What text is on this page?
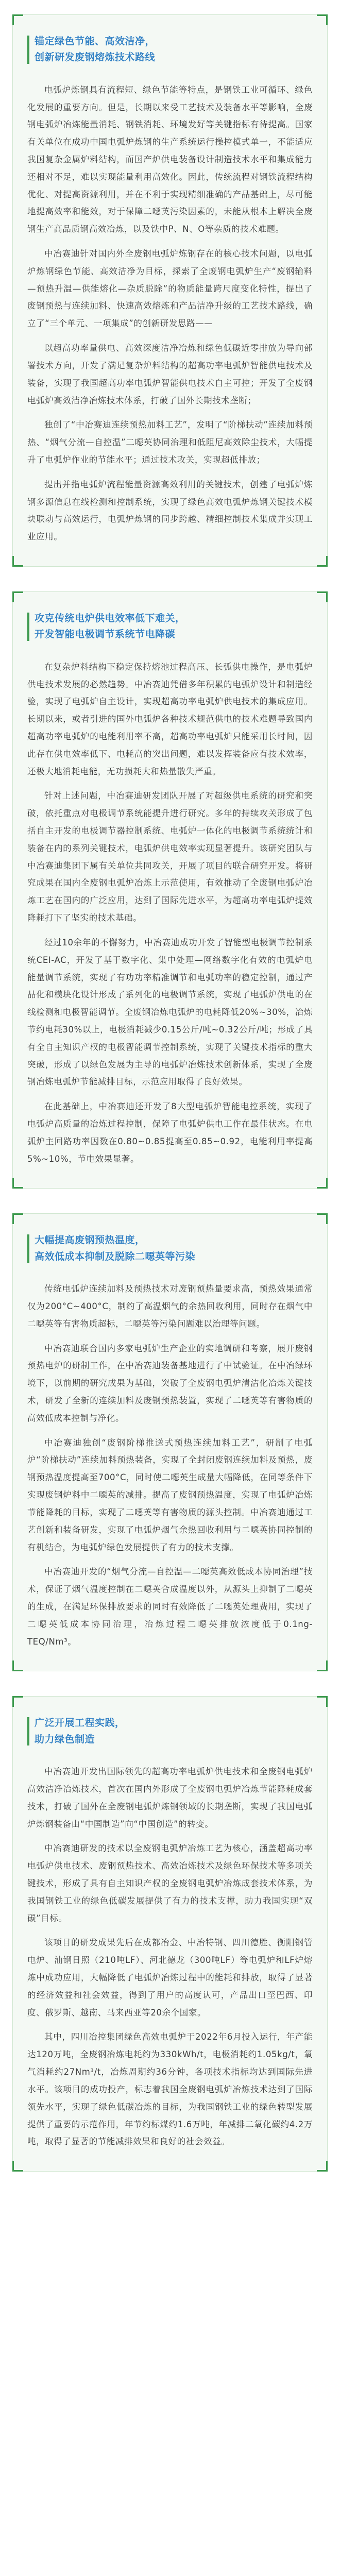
锚定绿色节能、高效洁净，
创新研发废钢熔炼技术路线

电弧炉炼钢具有流程短、绿色节能等特点，是钢铁工业可循环、绿色化发展的重要方向。但是，长期以来受工艺技术及装备水平等影响，全废钢电弧炉冶炼能量消耗、钢铁消耗、环境发好等关键指标有待提高。国家有关单位在成功中国电弧炉炼钢的生产系统运行操控模式单一，不能适应我国复杂金属炉料结构，而国产炉供电装备设计制造技术水平和集成能力还相对不足，难以实现能量利用高效化。因此，传统流程对钢铁流程结构优化、对提高资源利用，并在不利于实现精细准确的产品基础上，尽可能地提高效率和能效，对于保障二噁英污染因素的，未能从根本上解决全废钢生产高品质钢高效冶炼，以及铁中P、N、O等杂质的技术难题。

中冶赛迪针对国内外全废钢电弧炉炼钢存在的核心技术问题，以电弧炉炼钢绿色节能、高效洁净为目标，探索了全废钢电弧炉生产“废钢输料—预热升温—供能熔化—杂质脱除”的物质能量跨尺度变化特性，提出了废钢预热与连续加料、快速高效熔炼和产品洁净升级的工艺技术路线，确立了“三个单元、一项集成”的创新研发思路——

以超高功率量供电、高效深度洁净冶炼和绿色低碳近零排放为导向部署技术方向，开发了满足复杂炉料结构的超高功率电弧炉智能供电技术及装备，实现了我国超高功率电弧炉智能供电技术自主可控；开发了全废钢电弧炉高效洁净冶炼技术体系，打破了国外长期技术垄断；

独创了“中冶赛迪连续预热加料工艺”，发明了“阶梯扶动”连续加料预热、“烟气分流—自控温”二噁英协同治理和低阻尼高效除尘技术，大幅提升了电弧炉作业的节能水平；通过技术攻关，实现超低排放；

提出并指电弧炉流程能量资源高效利用的关键技术，创建了电弧炉炼钢多源信息在线检测和控制系统，实现了绿色高效电弧炉炼钢关键技术模块联动与高效运行，电弧炉炼钢的同步跨越、精细控制技术集成并实现工业应用。

攻克传统电炉供电效率低下难关，
开发智能电极调节系统节电降碳

在复杂炉料结构下稳定保持熔池过程高压、长弧供电操作，是电弧炉供电技术发展的必然趋势。中冶赛迪凭借多年积累的电弧炉设计和制造经验，实现了电弧炉自主设计，实现超高功率电弧炉供电技术的集成应用。长期以来，或者引进的国外电弧炉各种技术规范供电的技术难题导致国内超高功率电弧炉的电能利用率不高，超高功率电弧炉只能采用长时间，因此存在供电效率低下、电耗高的突出问题，难以发挥装备应有技术效率，还极大地消耗电能，无功损耗大和热量散失严重。

针对上述问题，中冶赛迪研发团队开展了对超级供电系统的研究和突破，依托重点对电极调节系统能提升进行研究。多年的持续攻关形成了包括自主开发的电极调节器控制系统、电弧炉一体化的电极调节系统统计和装备在内的系列关键技术，电弧炉供电效率实现显著提升。该研究团队与中冶赛迪集团下属有关单位共同攻关，开展了项目的联合研究开发。将研究成果在国内全废钢电弧炉冶炼上示范使用，有效推动了全废钢电弧炉冶炼工艺在国内的广泛应用，达到了国际先进水平，为超高功率电弧炉提效降耗打下了坚实的技术基础。

经过10余年的不懈努力，中冶赛迪成功开发了智能型电极调节控制系统CEI-AC，开发了基于数字化、集中处理—网络数字化有效的电弧炉电能量调节系统，实现了有功功率精准调节和电弧功率的稳定控制，通过产品化和模块化设计形成了系列化的电极调节系统，实现了电弧炉供电的在线检测和电极智能调节。全废钢冶炼电弧炉的电耗降低20%~30%，冶炼节约电耗30%以上，电极消耗减少0.15公斤/吨~0.32公斤/吨；形成了具有全自主知识产权的电极智能调节控制系统，实现了关键技术指标的重大突破，形成了以绿色发展为主导的电弧炉冶炼技术创新体系，实现了全废钢冶炼电弧炉节能减排目标，示范应用取得了良好效果。

在此基础上，中冶赛迪还开发了8大型电弧炉智能电控系统，实现了电弧炉高质量的冶炼过程控制，保障了电弧炉供电工作在最佳状态。在电弧炉主回路功率因数在0.80~0.85提高至0.85~0.92，电能利用率提高5%~10%，节电效果显著。

大幅提高废钢预热温度，
高效低成本抑制及脱除二噁英等污染

传统电弧炉连续加料及预热技术对废钢预热量要求高，预热效果通常仅为200°C~400°C，制约了高温烟气的余热回收利用，同时存在烟气中二噁英等有害物质超标，二噁英等污染问题难以治理等问题。

中冶赛迪联合国内多家电弧炉生产企业的实地调研和考察，展开废钢预热电炉的研制工作，在中冶赛迪装备基地进行了中试验证。在中冶绿环境下，以前期的研究成果为基础，突破了全废钢电弧炉清洁化冶炼关键技术，研发了全新的连续加料及废钢预热装置，实现了二噁英等有害物质的高效低成本控制与净化。

中冶赛迪独创“废钢阶梯推送式预热连续加料工艺”，研制了电弧炉“阶梯扶动”连续加料预热装备，实现了全封闭废钢连续加料及预热，废钢预热温度提高至700°C，同时使二噁英生成量大幅降低，在同等条件下实现废钢炉料中二噁英的减排。提高了废钢预热温度，实现了电弧炉冶炼节能降耗的目标，实现了二噁英等有害物质的源头控制。中冶赛迪通过工艺创新和装备研发，实现了电弧炉烟气余热回收利用与二噁英协同控制的有机结合，为电弧炉绿色发展提供了有力的技术支撑。

中冶赛迪开发的“烟气分流—自控温—二噁英高效低成本协同治理”技术，保证了烟气温度控制在二噁英合成温度以外，从源头上抑制了二噁英的生成，在满足环保排放要求的同时有效降低了二噁英处理费用，实现了二噁英低成本协同治理，冶炼过程二噁英排放浓度低于0.1ng-TEQ/Nm³。

广泛开展工程实践，
助力绿色制造

中冶赛迪开发出国际领先的超高功率电弧炉供电技术和全废钢电弧炉高效洁净冶炼技术，首次在国内外形成了全废钢电弧炉冶炼节能降耗成套技术，打破了国外在全废钢电弧炉炼钢领域的长期垄断，实现了我国电弧炉炼钢装备由“中国制造”向“中国创造”的转变。

中冶赛迪研发的技术以全废钢电弧炉冶炼工艺为核心，涵盖超高功率电弧炉供电技术、废钢预热技术、高效冶炼技术及绿色环保技术等多项关键技术，形成了具有自主知识产权的全废钢电弧炉冶炼成套技术体系，为我国钢铁工业的绿色低碳发展提供了有力的技术支撑，助力我国实现“双碳”目标。

该项目的研发成果先后在成都冶金、中冶特钢、四川德胜、衡阳钢管电炉、汕钢日照（210吨LF）、河北德龙（300吨LF）等电弧炉和LF炉熔炼中成功应用，大幅降低了电弧炉冶炼过程中的能耗和排放，取得了显著的经济效益和社会效益，得到了用户的高度认可，产品出口至巴西、印度、俄罗斯、越南、马来西亚等20余个国家。

其中，四川冶控集团绿色高效电弧炉于2022年6月投入运行，年产能达120万吨，全废钢冶炼电耗约为330kWh/t，电极消耗约1.05kg/t，氧气消耗约27Nm³/t，冶炼周期约36分钟，各项技术指标均达到国际先进水平。该项目的成功投产，标志着我国全废钢电弧炉冶炼技术达到了国际领先水平，实现了绿色低碳冶炼的目标，为我国钢铁工业的绿色转型发展提供了重要的示范作用，年节约标煤约1.6万吨，年减排二氧化碳约4.2万吨，取得了显著的节能减排效果和良好的社会效益。
